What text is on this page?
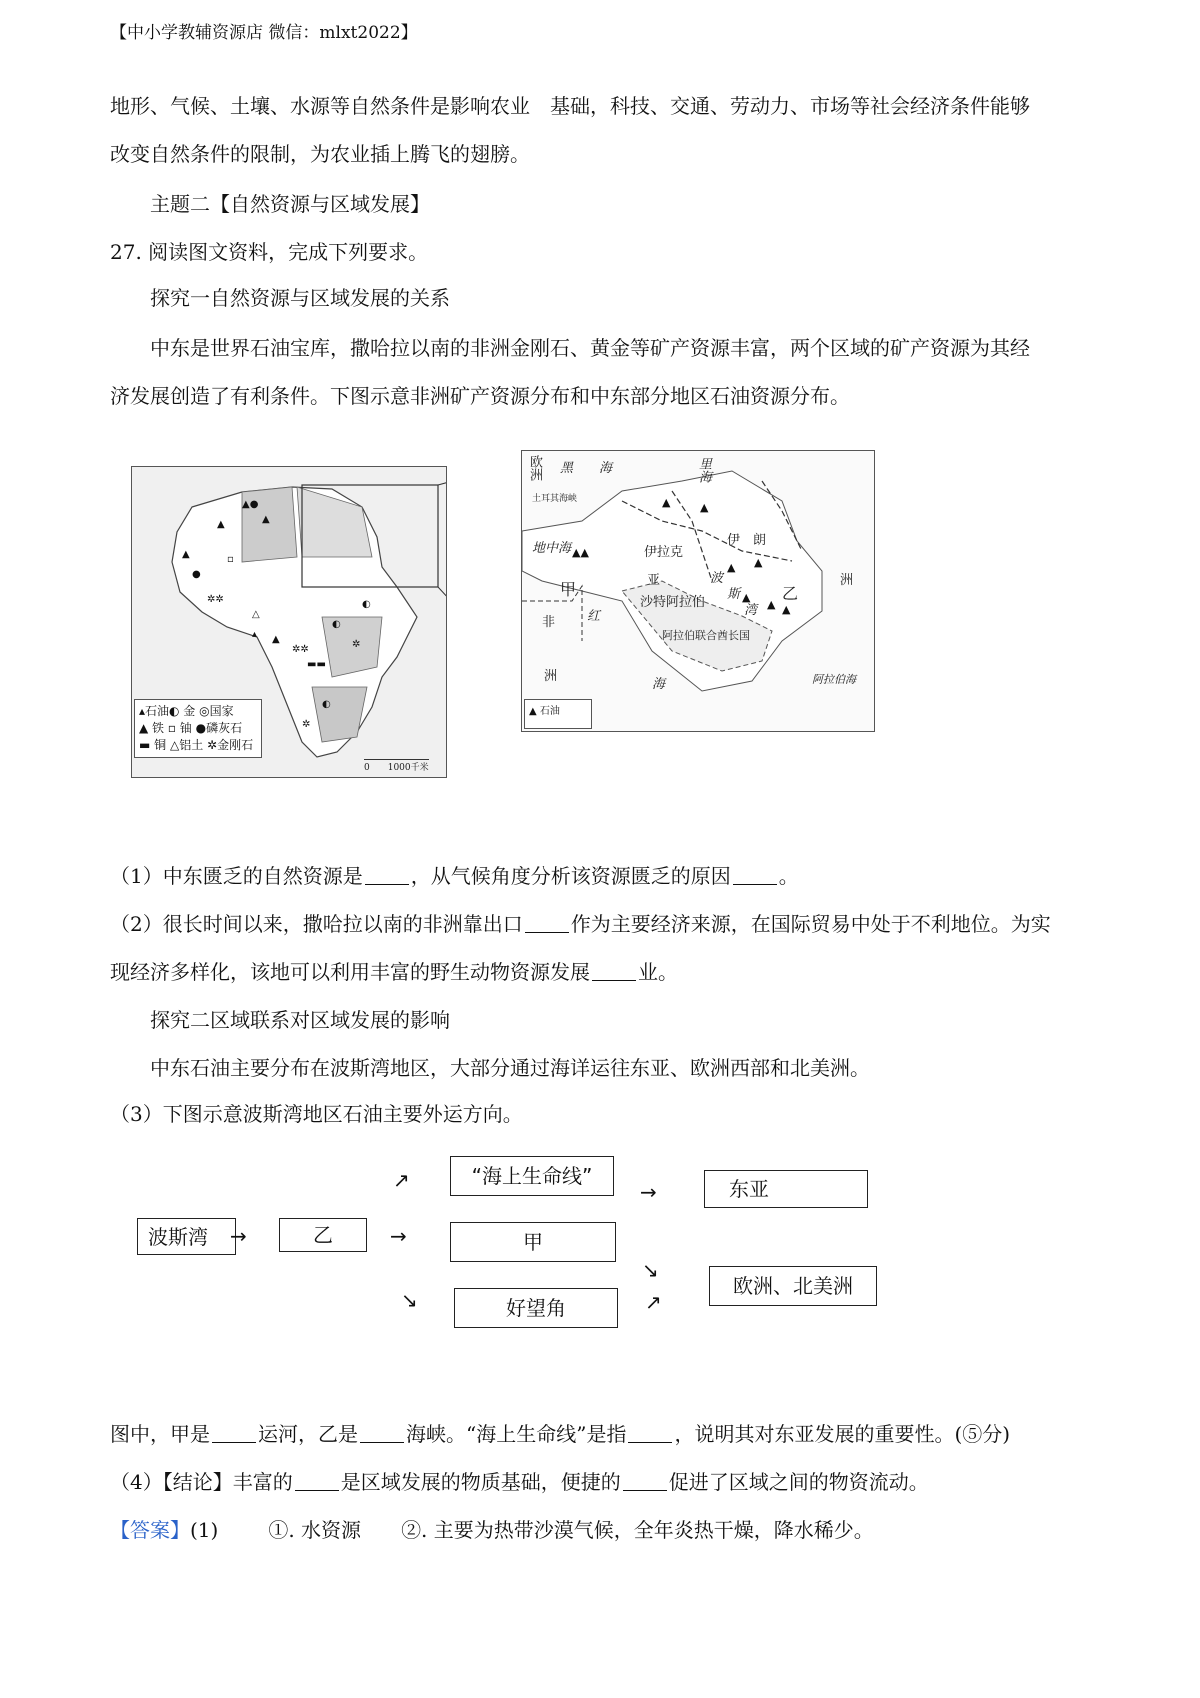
【中小学教辅资源店 微信：mlxt2022】
地形、气候、土壤、水源等自然条件是影响农业　基础，科技、交通、劳动力、市场等社会经济条件能够
改变自然条件的限制，为农业插上腾飞的翅膀。
主题二【自然资源与区域发展】
27. 阅读图文资料，完成下列要求。
探究一自然资源与区域发展的关系
中东是世界石油宝库，撒哈拉以南的非洲金刚石、黄金等矿产资源丰富，两个区域的矿产资源为其经
济发展创造了有利条件。下图示意非洲矿产资源分布和中东部分地区石油资源分布。
▲●
▲
▲
▲
●
✲✲
△
▲
✲✲
◐
✲
▬▬
◐
✲
▴
◐
▫
▴石油◐ 金 ◎国家
▲ 铁 ▫ 铀 ●磷灰石
▬ 铜 △铝土 ✲金刚石
0　　1000千米
▲	▲
▲▲
▲ ▲
▲
▲ ▲
欧洲 黑　　海	里海
土耳其海峡
地中海	伊拉克
伊　朗
亚	波
斯
湾
甲	乙
非 红
沙特阿拉伯
阿拉伯联合酋长国
洲
洲
海	阿拉伯海
▲ 石油
（1）中东匮乏的自然资源是 ，从气候角度分析该资源匮乏的原因 。
（2）很长时间以来，撒哈拉以南的非洲靠出口 作为主要经济来源，在国际贸易中处于不利地位。为实
现经济多样化，该地可以利用丰富的野生动物资源发展 业。
探究二区域联系对区域发展的影响
中东石油主要分布在波斯湾地区，大部分通过海详运往东亚、欧洲西部和北美洲。
（3）下图示意波斯湾地区石油主要外运方向。
波斯湾	→	乙	→
↗
↘
“海上生命线”
甲
好望角
→
↘
↗
东亚
欧洲、北美洲
图中，甲是 运河，乙是 海峡。“海上生命线”是指 ，说明其对东亚发展的重要性。(⑤分)
（4）【结论】丰富的 是区域发展的物质基础，便捷的 促进了区域之间的物资流动。
【答案】(1)	①. 水资源 ②. 主要为热带沙漠气候，全年炎热干燥，降水稀少。
